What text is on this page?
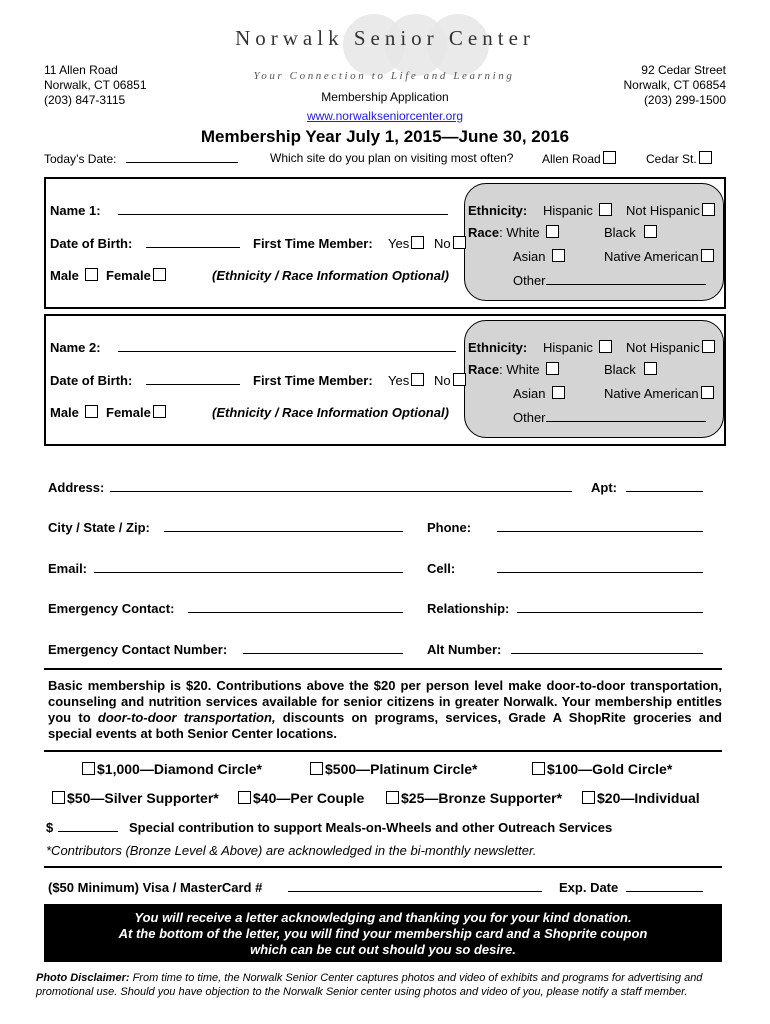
Norwalk Senior Center
Your Connection to Life and Learning
11 Allen Road
Norwalk, CT 06851
(203) 847-3115
92 Cedar Street
Norwalk, CT 06854
(203) 299-1500
Membership Application
www.norwalkseniorcenter.org
Membership Year July 1, 2015—June 30, 2016
Today’s Date:	Which site do you plan on visiting most often? Allen Road	Cedar St.
Name 1:
Date of Birth:	First Time Member: Yes	No
Male	Female	(Ethnicity / Race Information Optional)
Ethnicity: Hispanic	Not Hispanic
Race: White	Black
Asian	Native American
Other
Name 2:
Date of Birth:	First Time Member: Yes	No
Male	Female	(Ethnicity / Race Information Optional)
Ethnicity: Hispanic	Not Hispanic
Race: White	Black
Asian	Native American
Other
Address:	Apt:
City / State / Zip:	Phone:
Email:	Cell:
Emergency Contact:	Relationship:
Emergency Contact Number:	Alt Number:
Basic membership is $20. Contributions above the $20 per person level make door-to-door transportation, counseling and nutrition services available for senior citizens in greater Norwalk. Your membership entitles you to door-to-door transportation, discounts on programs, services, Grade A ShopRite groceries and special events at both Senior Center locations.
$1,000—Diamond Circle*	$500—Platinum Circle*	$100—Gold Circle*
$50—Silver Supporter*	$40—Per Couple	$25—Bronze Supporter*	$20—Individual
$	Special contribution to support Meals-on-Wheels and other Outreach Services
*Contributors (Bronze Level & Above) are acknowledged in the bi-monthly newsletter.
($50 Minimum) Visa / MasterCard #	Exp. Date
You will receive a letter acknowledging and thanking you for your kind donation.
At the bottom of the letter, you will find your membership card and a Shoprite coupon
which can be cut out should you so desire.
Photo Disclaimer: From time to time, the Norwalk Senior Center captures photos and video of exhibits and programs for advertising and promotional use. Should you have objection to the Norwalk Senior center using photos and video of you, please notify a staff member.
